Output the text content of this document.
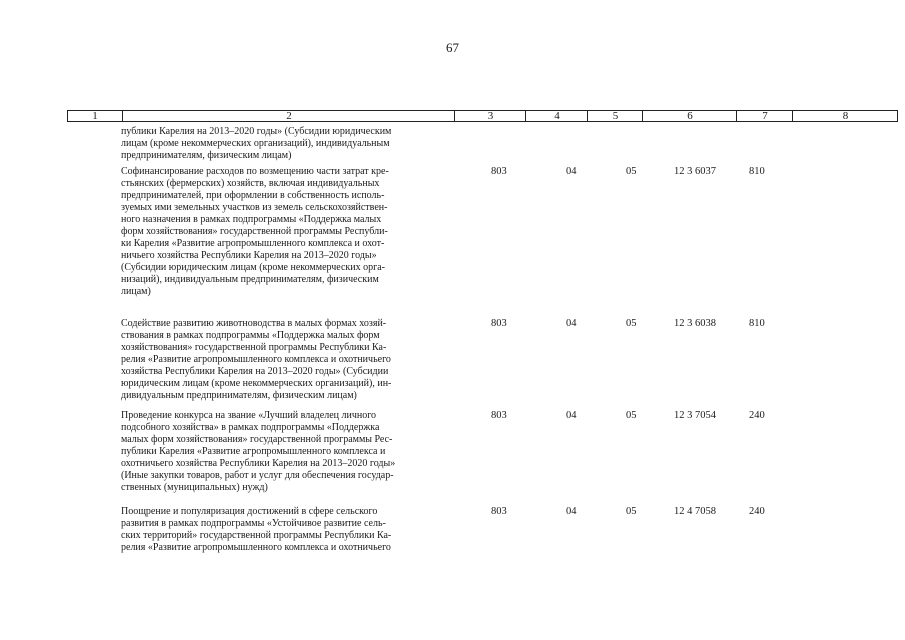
67
1	2	3	4	5	6	7	8
публики Карелия на 2013–2020 годы» (Субсидии юридическим
лицам (кроме некоммерческих организаций), индивидуальным
предпринимателям, физическим лицам)
Софинансирование расходов по возмещению части затрат кре-
стьянских (фермерских) хозяйств, включая индивидуальных
предпринимателей, при оформлении в собственность исполь-
зуемых ими земельных участков из земель сельскохозяйствен-
ного назначения в рамках подпрограммы «Поддержка малых
форм хозяйствования» государственной программы Республи-
ки Карелия «Развитие агропромышленного комплекса и охот-
ничьего хозяйства Республики Карелия на 2013–2020 годы»
(Субсидии юридическим лицам (кроме некоммерческих орга-
низаций), индивидуальным предпринимателям, физическим
лицам)
803	04	05	12 3 6037	810
Содействие развитию животноводства в малых формах хозяй-
ствования в рамках подпрограммы «Поддержка малых форм
хозяйствования» государственной программы Республики Ка-
релия «Развитие агропромышленного комплекса и охотничьего
хозяйства Республики Карелия на 2013–2020 годы» (Субсидии
юридическим лицам (кроме некоммерческих организаций), ин-
дивидуальным предпринимателям, физическим лицам)
803	04	05	12 3 6038	810
Проведение конкурса на звание «Лучший владелец личного
подсобного хозяйства» в рамках подпрограммы «Поддержка
малых форм хозяйствования» государственной программы Рес-
публики Карелия «Развитие агропромышленного комплекса и
охотничьего хозяйства Республики Карелия на 2013–2020 годы»
(Иные закупки товаров, работ и услуг для обеспечения государ-
ственных (муниципальных) нужд)
803	04	05	12 3 7054	240
Поощрение и популяризация достижений в сфере сельского
развития в рамках подпрограммы «Устойчивое развитие сель-
ских территорий» государственной программы Республики Ка-
релия «Развитие агропромышленного комплекса и охотничьего
803	04	05	12 4 7058	240
